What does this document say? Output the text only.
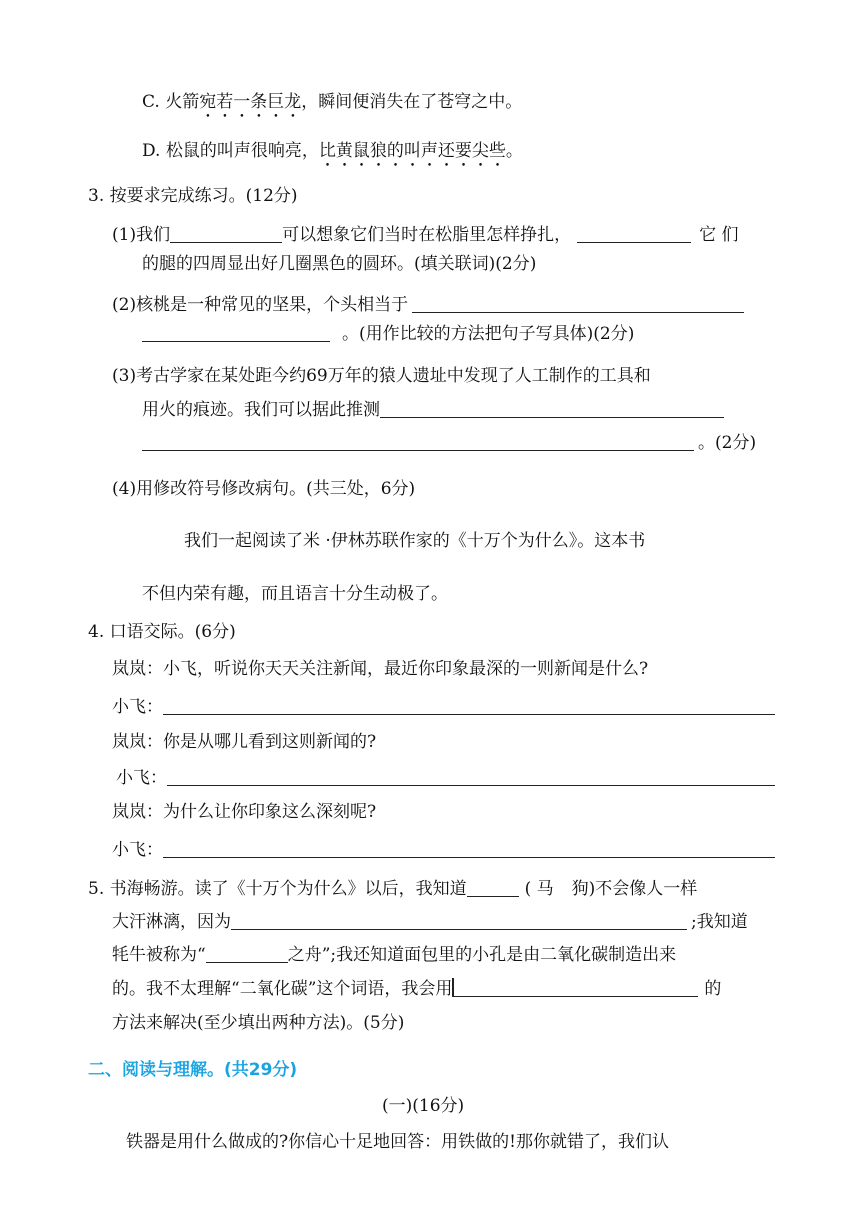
C. 火箭宛若一条巨龙，瞬间便消失在了苍穹之中。
D. 松鼠的叫声很响亮，比黄鼠狼的叫声还要尖些。
3. 按要求完成练习。(12分)
(1)我们	可以想象它们当时在松脂里怎样挣扎，	它 们
的腿的四周显出好几圈黑色的圆环。(填关联词)(2分)
(2)核桃是一种常见的坚果，个头相当于
。(用作比较的方法把句子写具体)(2分)
(3)考古学家在某处距今约69万年的猿人遗址中发现了人工制作的工具和
用火的痕迹。我们可以据此推测
。(2分)
(4)用修改符号修改病句。(共三处，6分)
我们一起阅读了米 ·伊林苏联作家的《十万个为什么》。这本书
不但内荣有趣，而且语言十分生动极了。
4. 口语交际。(6分)
岚岚：小飞，听说你天天关注新闻，最近你印象最深的一则新闻是什么?
小飞：
岚岚：你是从哪儿看到这则新闻的?
小飞：
岚岚：为什么让你印象这么深刻呢?
小飞：
5. 书海畅游。读了《十万个为什么》以后，我知道	( 马 狗)不会像人一样
大汗淋漓，因为	;我知道
牦牛被称为“	之舟”;我还知道面包里的小孔是由二氧化碳制造出来
的。我不太理解“二氧化碳”这个词语，我会用	的
方法来解决(至少填出两种方法)。(5分)
二、阅读与理解。(共29分)
(一)(16分)
铁器是用什么做成的?你信心十足地回答：用铁做的!那你就错了，我们认
